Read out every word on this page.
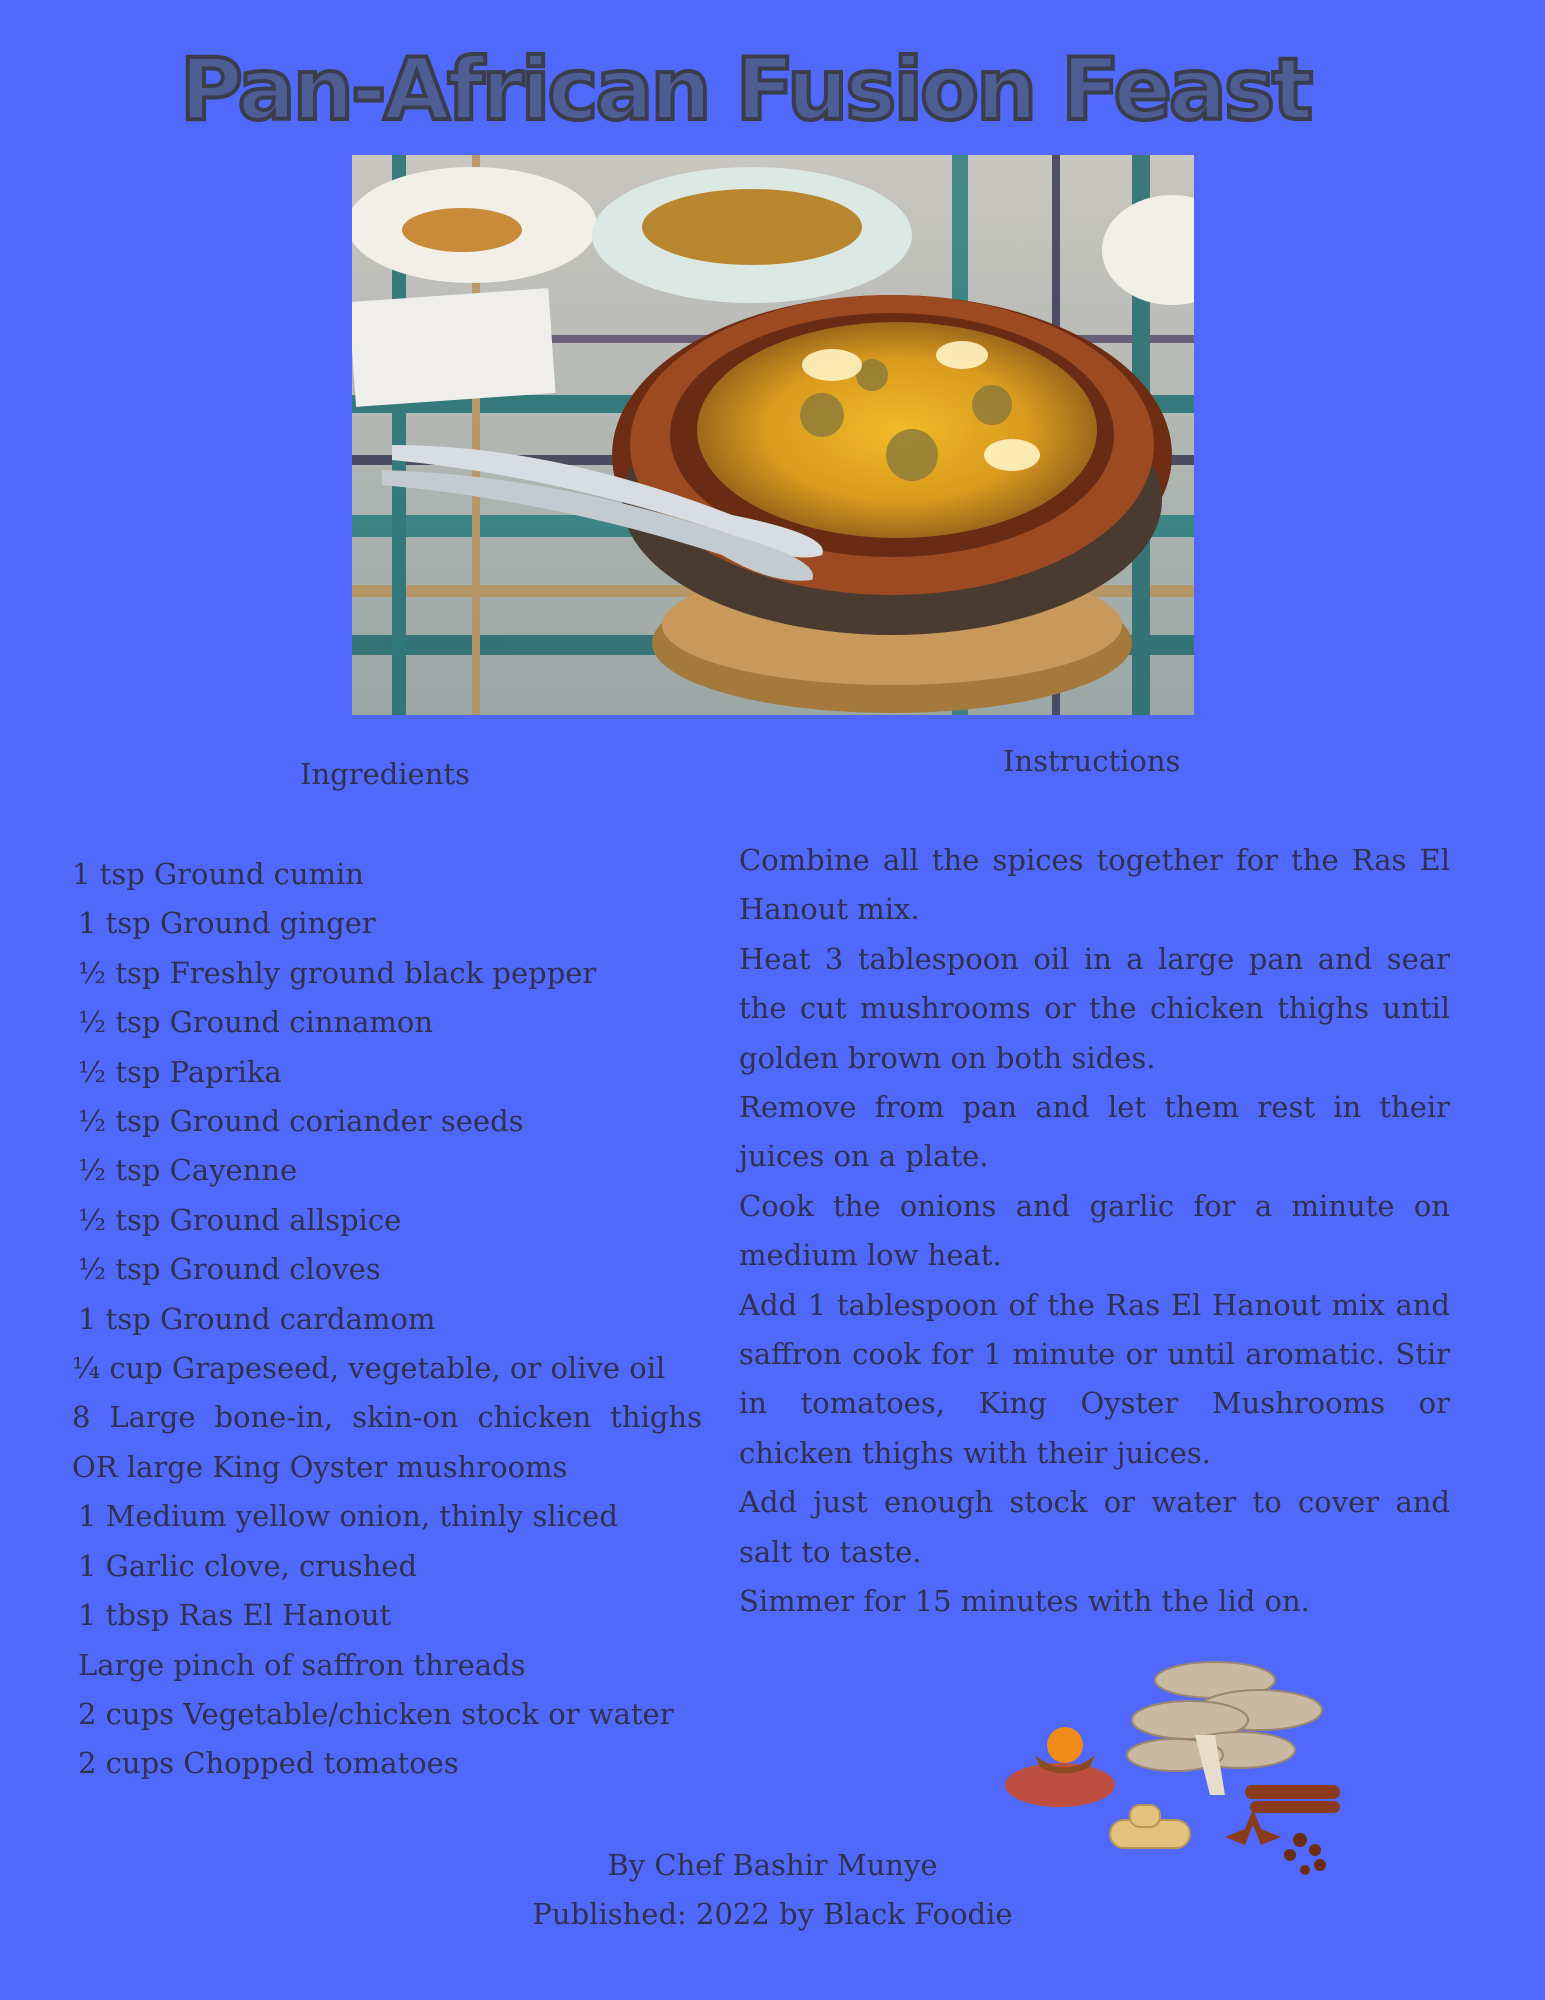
Pan-African Fusion Feast
Ingredients	Instructions
1 tsp Ground cumin
1 tsp Ground ginger
½ tsp Freshly ground black pepper
½ tsp Ground cinnamon
½ tsp Paprika
½ tsp Ground coriander seeds
½ tsp Cayenne
½ tsp Ground allspice
½ tsp Ground cloves
1 tsp Ground cardamom
¼ cup Grapeseed, vegetable, or olive oil
8 Large bone-in, skin-on chicken thighs OR large King Oyster mushrooms
1 Medium yellow onion, thinly sliced
1 Garlic clove, crushed
1 tbsp Ras El Hanout
Large pinch of saffron threads
2 cups Vegetable/chicken stock or water
2 cups Chopped tomatoes
Combine all the spices together for the Ras El Hanout mix.
Heat 3 tablespoon oil in a large pan and sear the cut mushrooms or the chicken thighs until golden brown on both sides.
Remove from pan and let them rest in their juices on a plate.
Cook the onions and garlic for a minute on medium low heat.
Add 1 tablespoon of the Ras El Hanout mix and saffron cook for 1 minute or until aromatic. Stir in tomatoes, King Oyster Mushrooms or chicken thighs with their juices.
Add just enough stock or water to cover and salt to taste.
Simmer for 15 minutes with the lid on.
By Chef Bashir Munye
Published: 2022 by Black Foodie
